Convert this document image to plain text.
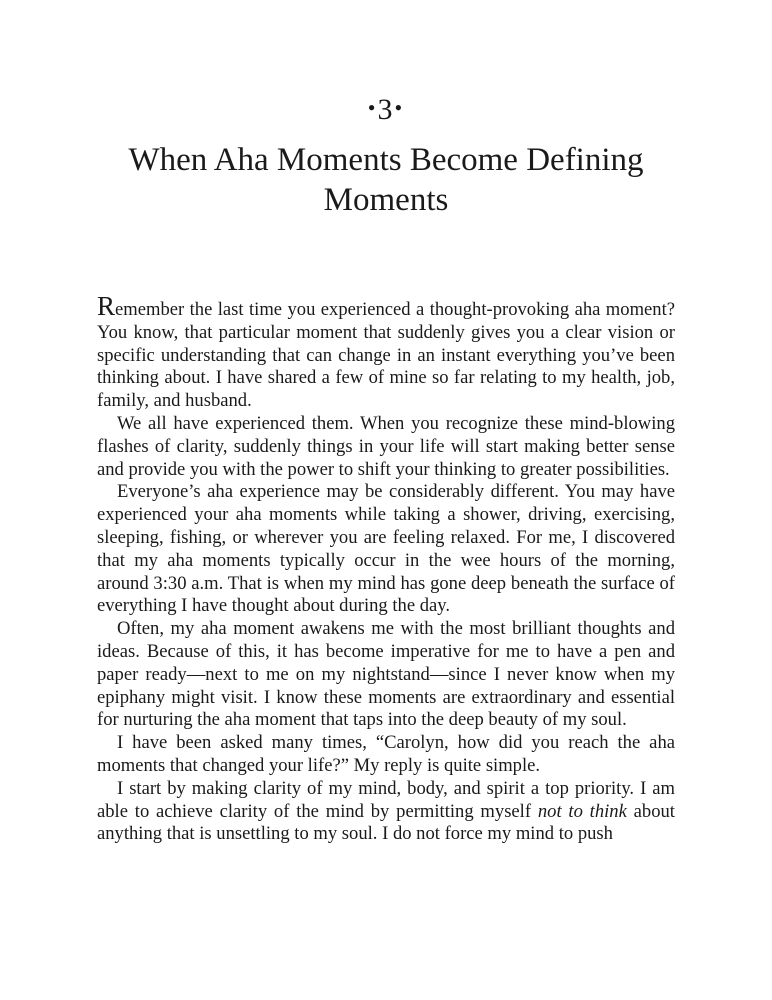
•3•
When Aha Moments Become Defining Moments

Remember the last time you experienced a thought-provoking aha moment? You know, that particular moment that suddenly gives you a clear vision or specific understanding that can change in an instant everything you’ve been thinking about. I have shared a few of mine so far relating to my health, job, family, and husband.

We all have experienced them. When you recognize these mind-blowing flashes of clarity, suddenly things in your life will start making better sense and provide you with the power to shift your thinking to greater possibilities.

Everyone’s aha experience may be considerably different. You may have experienced your aha moments while taking a shower, driving, exercising, sleeping, fishing, or wherever you are feeling relaxed. For me, I discovered that my aha moments typically occur in the wee hours of the morning, around 3:30 a.m. That is when my mind has gone deep beneath the surface of everything I have thought about during the day.

Often, my aha moment awakens me with the most brilliant thoughts and ideas. Because of this, it has become imperative for me to have a pen and paper ready—next to me on my nightstand—since I never know when my epiphany might visit. I know these moments are extraordinary and essential for nurturing the aha moment that taps into the deep beauty of my soul.

I have been asked many times, “Carolyn, how did you reach the aha moments that changed your life?” My reply is quite simple.

I start by making clarity of my mind, body, and spirit a top priority. I am able to achieve clarity of the mind by permitting myself not to think about anything that is unsettling to my soul. I do not force my mind to push
